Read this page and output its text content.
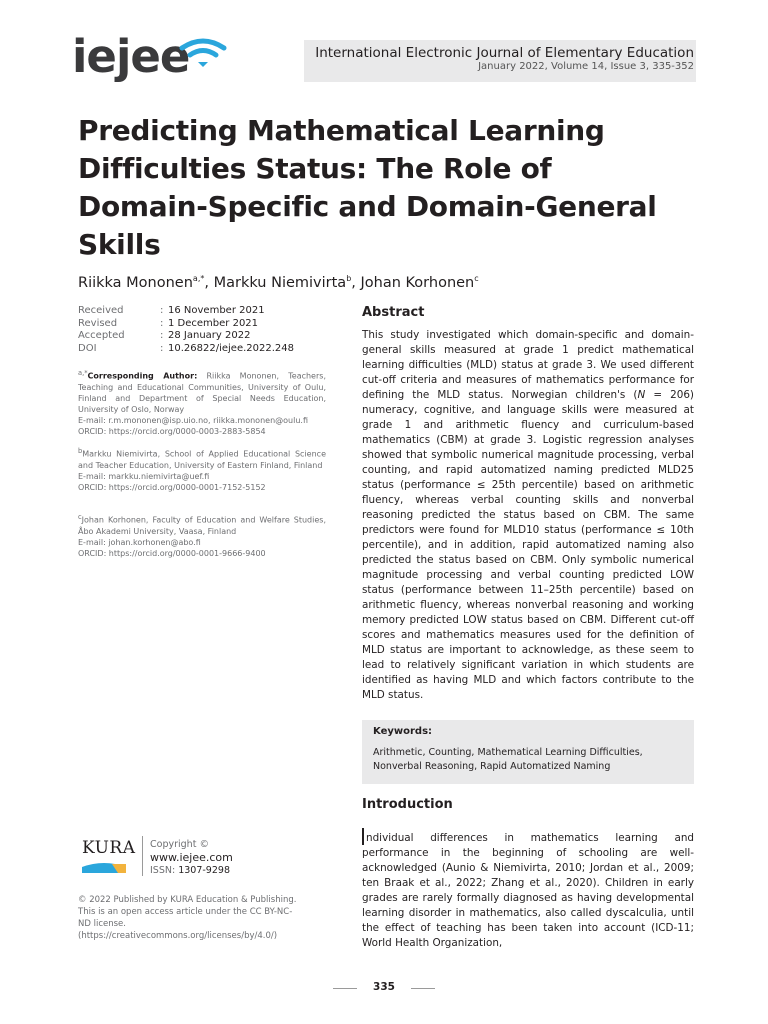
iejee	International Electronic Journal of Elementary Education
January 2022, Volume 14, Issue 3, 335-352
Predicting Mathematical Learning Difficulties Status: The Role of Domain-Specific and Domain-General Skills
Riikka Mononen$^{a,*}$, Markku Niemivirta$^b$, Johan Korhonen$^c$
Received	: 16 November 2021
Revised	: 1 December 2021
Accepted	: 28 January 2022
DOI	: 10.26822/iejee.2022.248
$^{a,*}$Corresponding Author: Riikka Mononen, Teachers, Teaching and Educational Communities, University of Oulu, Finland and Department of Special Needs Education, University of Oslo, Norway
E-mail: r.m.mononen@isp.uio.no, riikka.mononen@oulu.fi
ORCID: https://orcid.org/0000-0003-2883-5854
$^b$Markku Niemivirta, School of Applied Educational Science and Teacher Education, University of Eastern Finland, Finland
E-mail: markku.niemivirta@uef.fi
ORCID: https://orcid.org/0000-0001-7152-5152
$^c$Johan Korhonen, Faculty of Education and Welfare Studies, Åbo Akademi University, Vaasa, Finland
E-mail: johan.korhonen@abo.fi
ORCID: https://orcid.org/0000-0001-9666-9400
KURA Copyright ©
www.iejee.com
ISSN: 1307-9298
© 2022 Published by KURA Education & Publishing. This is an open access article under the CC BY-NC- ND license. (https://creativecommons.org/licenses/by/4.0/)
Abstract
This study investigated which domain-specific and domain-general skills measured at grade 1 predict mathematical learning difficulties (MLD) status at grade 3. We used different cut-off criteria and measures of mathematics performance for defining the MLD status. Norwegian children's (N = 206) numeracy, cognitive, and language skills were measured at grade 1 and arithmetic fluency and curriculum-based mathematics (CBM) at grade 3. Logistic regression analyses showed that symbolic numerical magnitude processing, verbal counting, and rapid automatized naming predicted MLD25 status (performance ≤ 25th percentile) based on arithmetic fluency, whereas verbal counting skills and nonverbal reasoning predicted the status based on CBM. The same predictors were found for MLD10 status (performance ≤ 10th percentile), and in addition, rapid automatized naming also predicted the status based on CBM. Only symbolic numerical magnitude processing and verbal counting predicted LOW status (performance between 11–25th percentile) based on arithmetic fluency, whereas nonverbal reasoning and working memory predicted LOW status based on CBM. Different cut-off scores and mathematics measures used for the definition of MLD status are important to acknowledge, as these seem to lead to relatively significant variation in which students are identified as having MLD and which factors contribute to the MLD status.
Keywords:
Arithmetic, Counting, Mathematical Learning Difficulties, Nonverbal Reasoning, Rapid Automatized Naming
Introduction
ndividual differences in mathematics learning and performance in the beginning of schooling are well-acknowledged (Aunio & Niemivirta, 2010; Jordan et al., 2009; ten Braak et al., 2022; Zhang et al., 2020). Children in early grades are rarely formally diagnosed as having developmental learning disorder in mathematics, also called dyscalculia, until the effect of teaching has been taken into account (ICD-11; World Health Organization,
335
